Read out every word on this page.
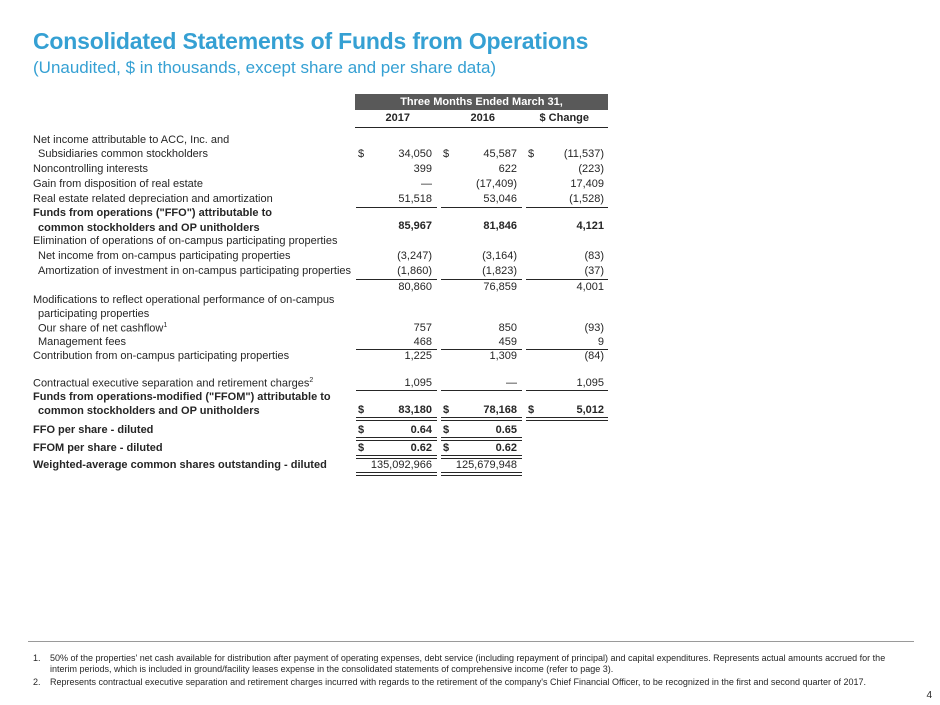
Consolidated Statements of Funds from Operations
(Unaudited, $ in thousands, except share and per share data)
Three Months Ended March 31,
2017	2016	$ Change
Net income attributable to ACC, Inc. and
Subsidiaries common stockholders	$	34,050 $	45,587 $	(11,537)
Noncontrolling interests	399	622	(223)
Gain from disposition of real estate	—	(17,409)	17,409
Real estate related depreciation and amortization	51,518	53,046	(1,528)
Funds from operations ("FFO") attributable to
common stockholders and OP unitholders	85,967	81,846	4,121
Elimination of operations of on-campus participating properties
Net income from on-campus participating properties	(3,247)	(3,164)	(83)
Amortization of investment in on-campus participating properties	(1,860)	(1,823)	(37)
80,860	76,859	4,001
Modifications to reflect operational performance of on-campus
participating properties
Our share of net cashflow$^1$	757	850	(93)
Management fees	468	459	9
Contribution from on-campus participating properties	1,225	1,309	(84)
Contractual executive separation and retirement charges$^2$	1,095	—	1,095
Funds from operations-modified ("FFOM") attributable to
common stockholders and OP unitholders	$	83,180 $	78,168 $	5,012
FFO per share - diluted	$	0.64 $	0.65
FFOM per share - diluted	$	0.62 $	0.62
Weighted-average common shares outstanding - diluted	135,092,966	125,679,948
1. 50% of the properties' net cash available for distribution after payment of operating expenses, debt service (including repayment of principal) and capital expenditures. Represents actual amounts accrued for the interim periods, which is included in ground/facility leases expense in the consolidated statements of comprehensive income (refer to page 3).
2. Represents contractual executive separation and retirement charges incurred with regards to the retirement of the company's Chief Financial Officer, to be recognized in the first and second quarter of 2017.
4
